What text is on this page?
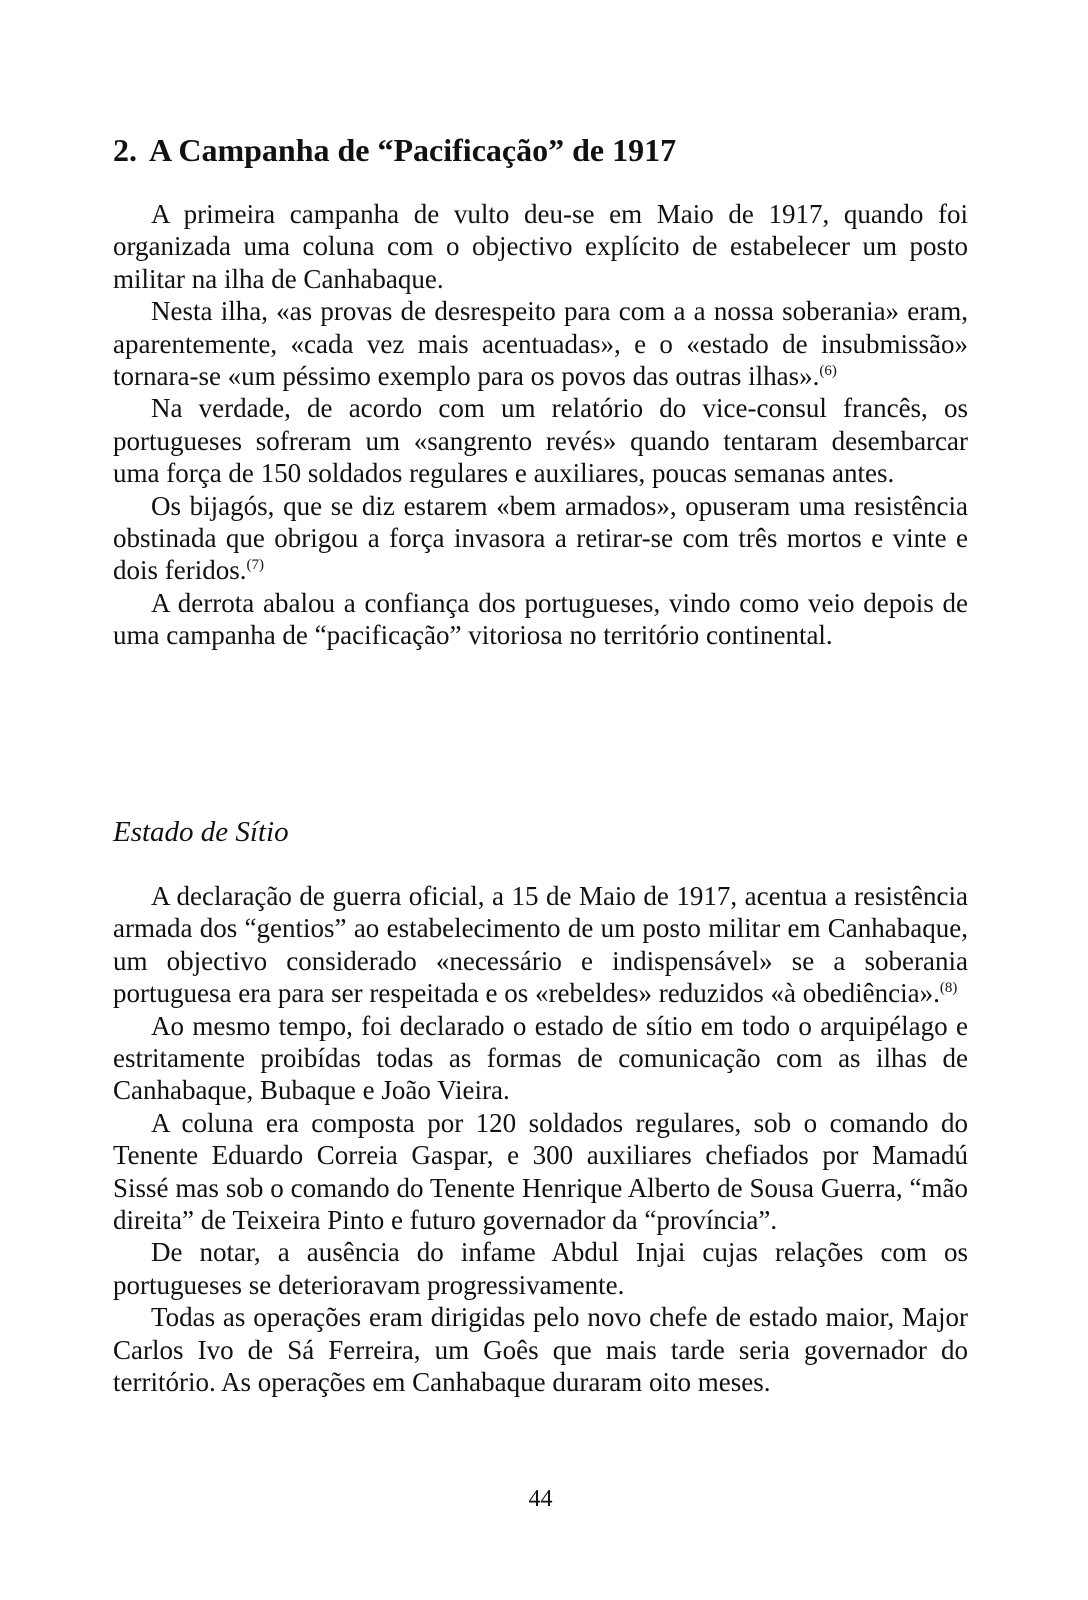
2. A Campanha de “Pacificação” de 1917

A primeira campanha de vulto deu-se em Maio de 1917, quando foi organizada uma coluna com o objectivo explícito de estabelecer um posto militar na ilha de Canhabaque.

Nesta ilha, «as provas de desrespeito para com a a nossa soberania» eram, aparentemente, «cada vez mais acentuadas», e o «estado de insubmissão» tornara-se «um péssimo exemplo para os povos das outras ilhas».$^{(6)}$

Na verdade, de acordo com um relatório do vice-consul francês, os portugueses sofreram um «sangrento revés» quando tentaram desembarcar uma força de 150 soldados regulares e auxiliares, poucas semanas antes.

Os bijagós, que se diz estarem «bem armados», opuseram uma resistência obstinada que obrigou a força invasora a retirar-se com três mortos e vinte e dois feridos.$^{(7)}$

A derrota abalou a confiança dos portugueses, vindo como veio depois de uma campanha de “pacificação” vitoriosa no território continental.

Estado de Sítio

A declaração de guerra oficial, a 15 de Maio de 1917, acentua a resistência armada dos “gentios” ao estabelecimento de um posto militar em Canhabaque, um objectivo considerado «necessário e indispensável» se a soberania portuguesa era para ser respeitada e os «rebeldes» reduzidos «à obediência».$^{(8)}$

Ao mesmo tempo, foi declarado o estado de sítio em todo o arquipélago e estritamente proibídas todas as formas de comunicação com as ilhas de Canhabaque, Bubaque e João Vieira.

A coluna era composta por 120 soldados regulares, sob o comando do Tenente Eduardo Correia Gaspar, e 300 auxiliares chefiados por Mamadú Sissé mas sob o comando do Tenente Henrique Alberto de Sousa Guerra, “mão direita” de Teixeira Pinto e futuro governador da “província”.

De notar, a ausência do infame Abdul Injai cujas relações com os portugueses se deterioravam progressivamente.

Todas as operações eram dirigidas pelo novo chefe de estado maior, Major Carlos Ivo de Sá Ferreira, um Goês que mais tarde seria governador do território. As operações em Canhabaque duraram oito meses.

44
